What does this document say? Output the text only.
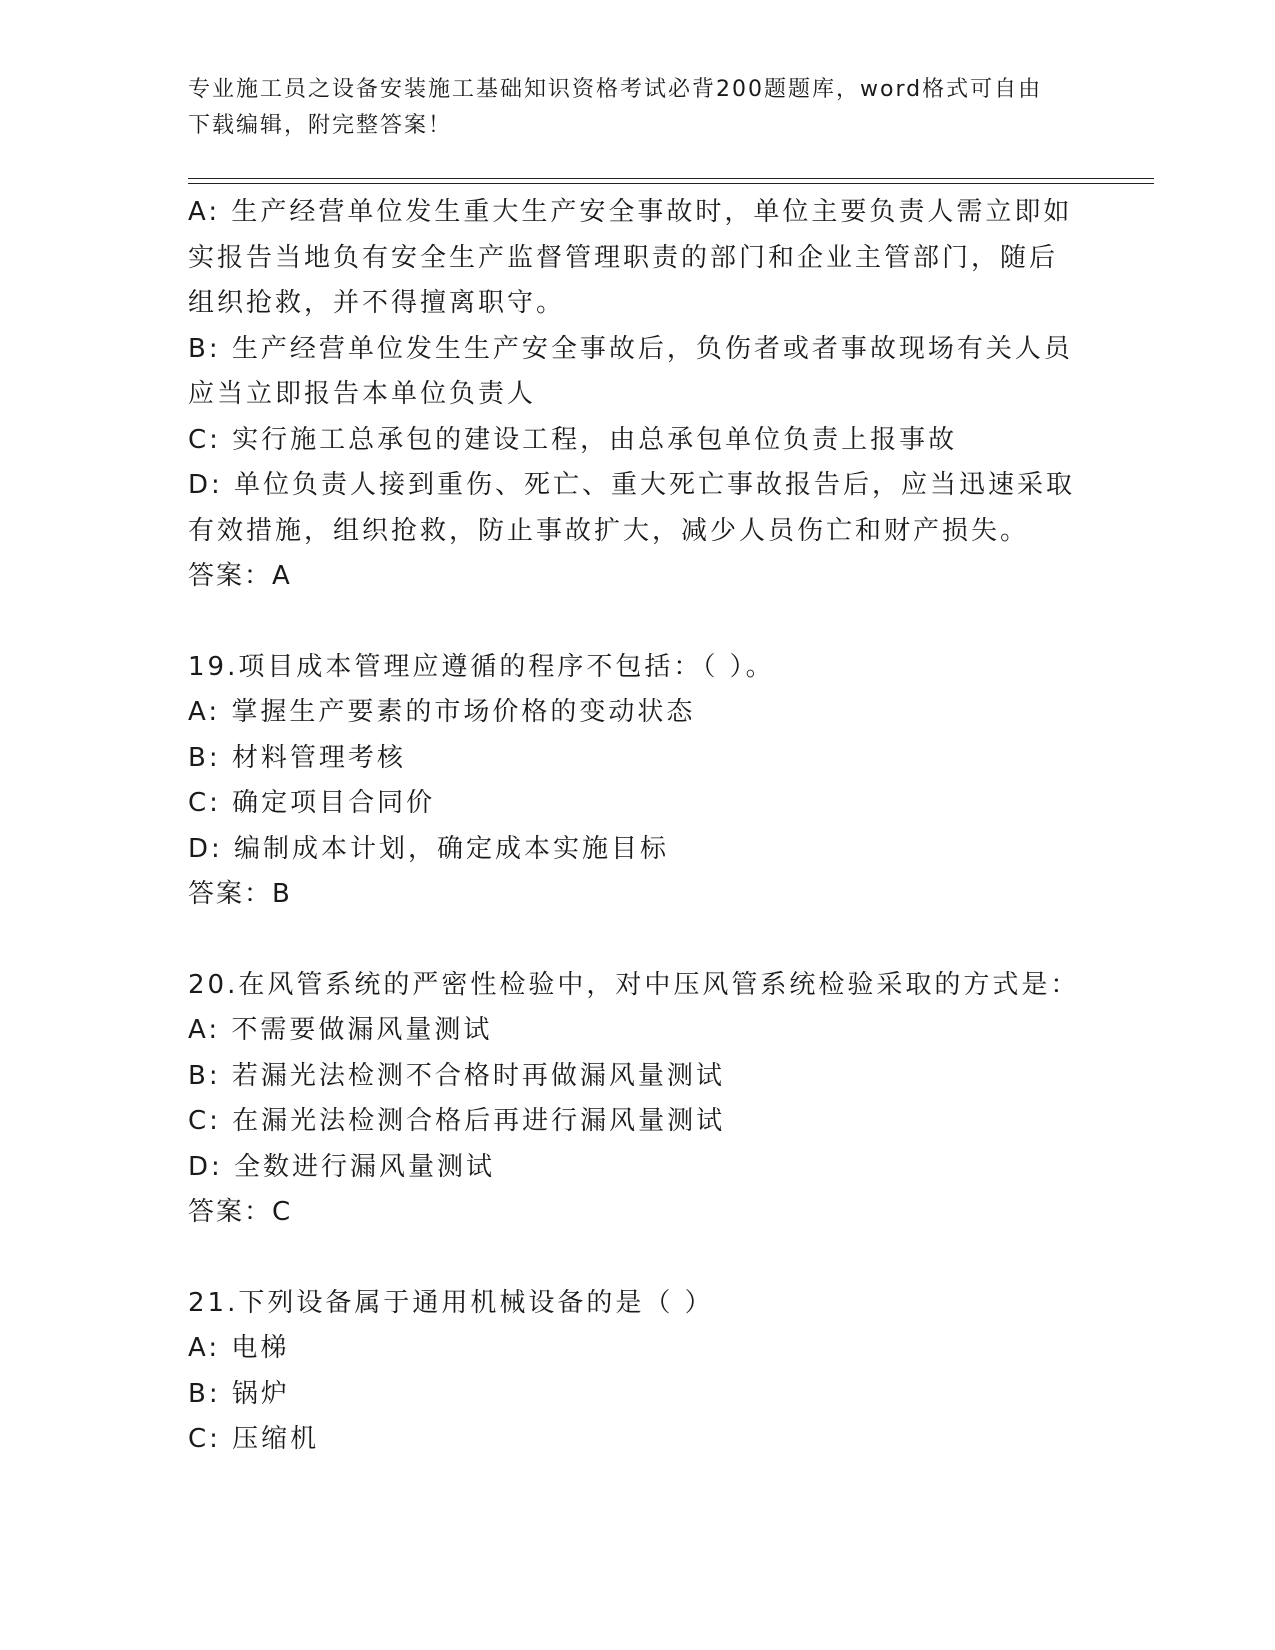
专业施工员之设备安装施工基础知识资格考试必背200题题库，word格式可自由
下载编辑，附完整答案！
A: 生产经营单位发生重大生产安全事故时，单位主要负责人需立即如
实报告当地负有安全生产监督管理职责的部门和企业主管部门，随后
组织抢救，并不得擅离职守。
B: 生产经营单位发生生产安全事故后，负伤者或者事故现场有关人员
应当立即报告本单位负责人
C: 实行施工总承包的建设工程，由总承包单位负责上报事故
D: 单位负责人接到重伤、死亡、重大死亡事故报告后，应当迅速采取
有效措施，组织抢救，防止事故扩大，减少人员伤亡和财产损失。
答案：A
19.项目成本管理应遵循的程序不包括：（ ）。
A: 掌握生产要素的市场价格的变动状态
B: 材料管理考核
C: 确定项目合同价
D: 编制成本计划，确定成本实施目标
答案：B
20.在风管系统的严密性检验中，对中压风管系统检验采取的方式是：
A: 不需要做漏风量测试
B: 若漏光法检测不合格时再做漏风量测试
C: 在漏光法检测合格后再进行漏风量测试
D: 全数进行漏风量测试
答案：C
21.下列设备属于通用机械设备的是（ ）
A: 电梯
B: 锅炉
C: 压缩机
